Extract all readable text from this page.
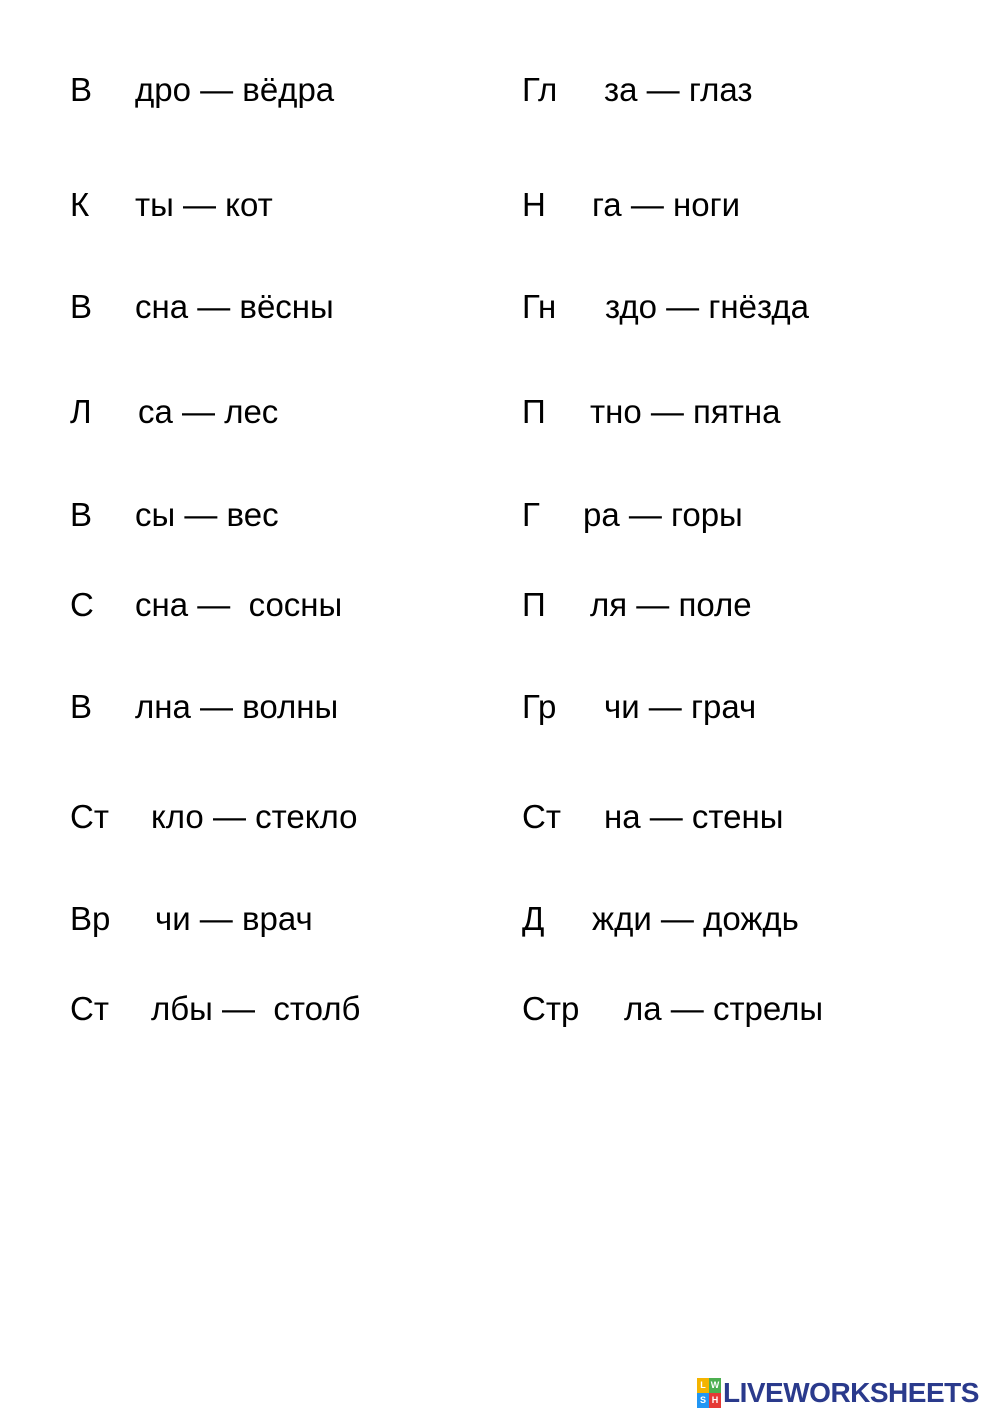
В дро — вёдра
К ты — кот
В сна — вёсны
Л са — лес
В сы — вес
С сна —  сосны
В лна — волны
Ст кло — стекло
Вр чи — врач
Ст лбы —  столб
Гл за — глаз
Н га — ноги
Гн здо — гнёзда
П тно — пятна
Г ра — горы
П ля — поле
Гр чи — грач
Ст на — стены
Д жди — дождь
Стр ла — стрелы
L W
S H LIVEWORKSHEETS
